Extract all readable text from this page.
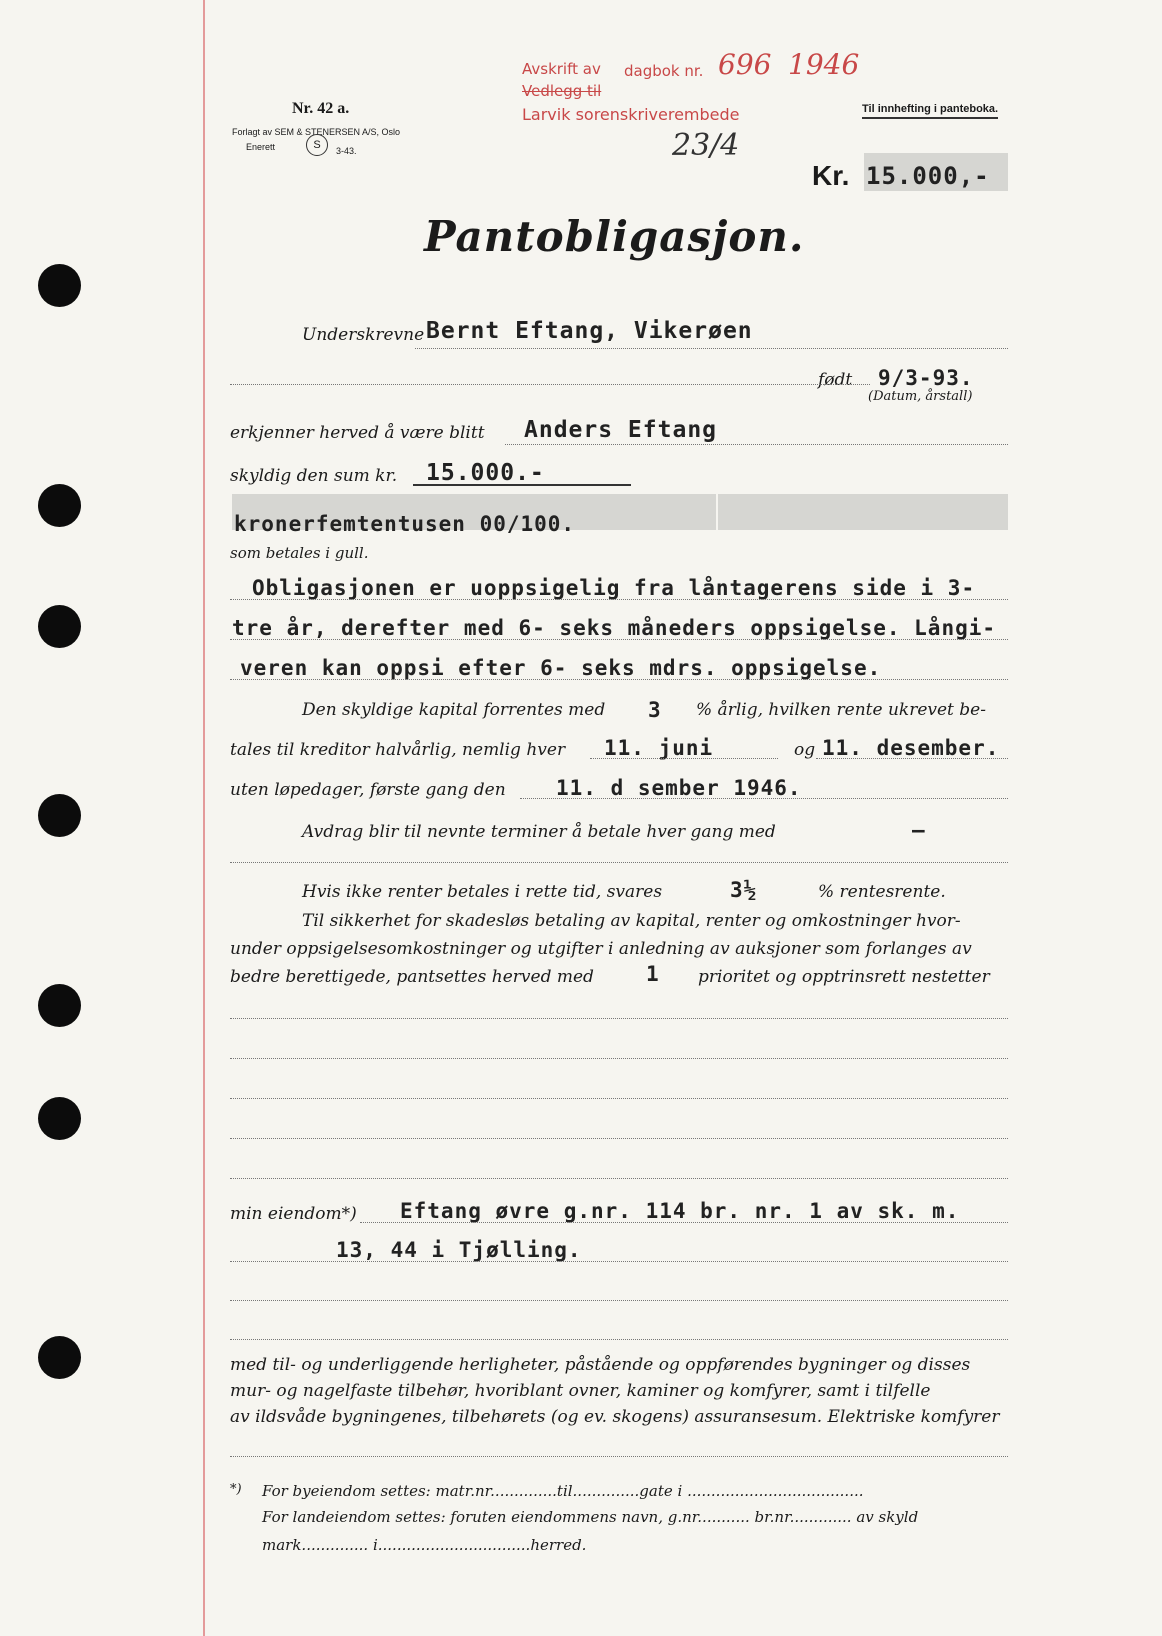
Avskrift av dagbok nr. 696 1946
Vedlegg til
Larvik sorenskriverembede
23/4
Nr. 42 a.
Forlagt av SEM & STENERSEN A/S, Oslo
Enerett	S	3-43.
Til innhefting i panteboka.
Kr. 15.000,-
Pantobligasjon.
Underskrevne Bernt Eftang, Vikerøen
født 9/3-93.
(Datum, årstall)
erkjenner herved å være blitt Anders Eftang
skyldig den sum kr. 15.000.-
kronerfemtentusen 00/100.
som betales i gull.
Obligasjonen er uoppsigelig fra låntagerens side i 3-
tre år, derefter med 6- seks måneders oppsigelse. Långi-
veren kan oppsi efter 6- seks mdrs. oppsigelse.
Den skyldige kapital forrentes med 3 % årlig, hvilken rente ukrevet be-
tales til kreditor halvårlig, nemlig hver 11. juni	og 11. desember.
uten løpedager, første gang den 11. d sember 1946.
Avdrag blir til nevnte terminer å betale hver gang med	–
Hvis ikke renter betales i rette tid, svares	3½	% rentesrente.
Til sikkerhet for skadesløs betaling av kapital, renter og omkostninger hvor-
under oppsigelsesomkostninger og utgifter i anledning av auksjoner som forlanges av
bedre berettigede, pantsettes herved med 1 prioritet og opptrinsrett nestetter
min eiendom*) Eftang øvre g.nr. 114 br. nr. 1 av sk. m.
13, 44 i Tjølling.
med til- og underliggende herligheter, påstående og oppførendes bygninger og disses
mur- og nagelfaste tilbehør, hvoriblant ovner, kaminer og komfyrer, samt i tilfelle
av ildsvåde bygningenes, tilbehørets (og ev. skogens) assuransesum. Elektriske komfyrer
*) For byeiendom settes: matr.nr..............til..............gate i .....................................
For landeiendom settes: foruten eiendommens navn, g.nr........... br.nr............. av skyld
mark.............. i................................herred.
